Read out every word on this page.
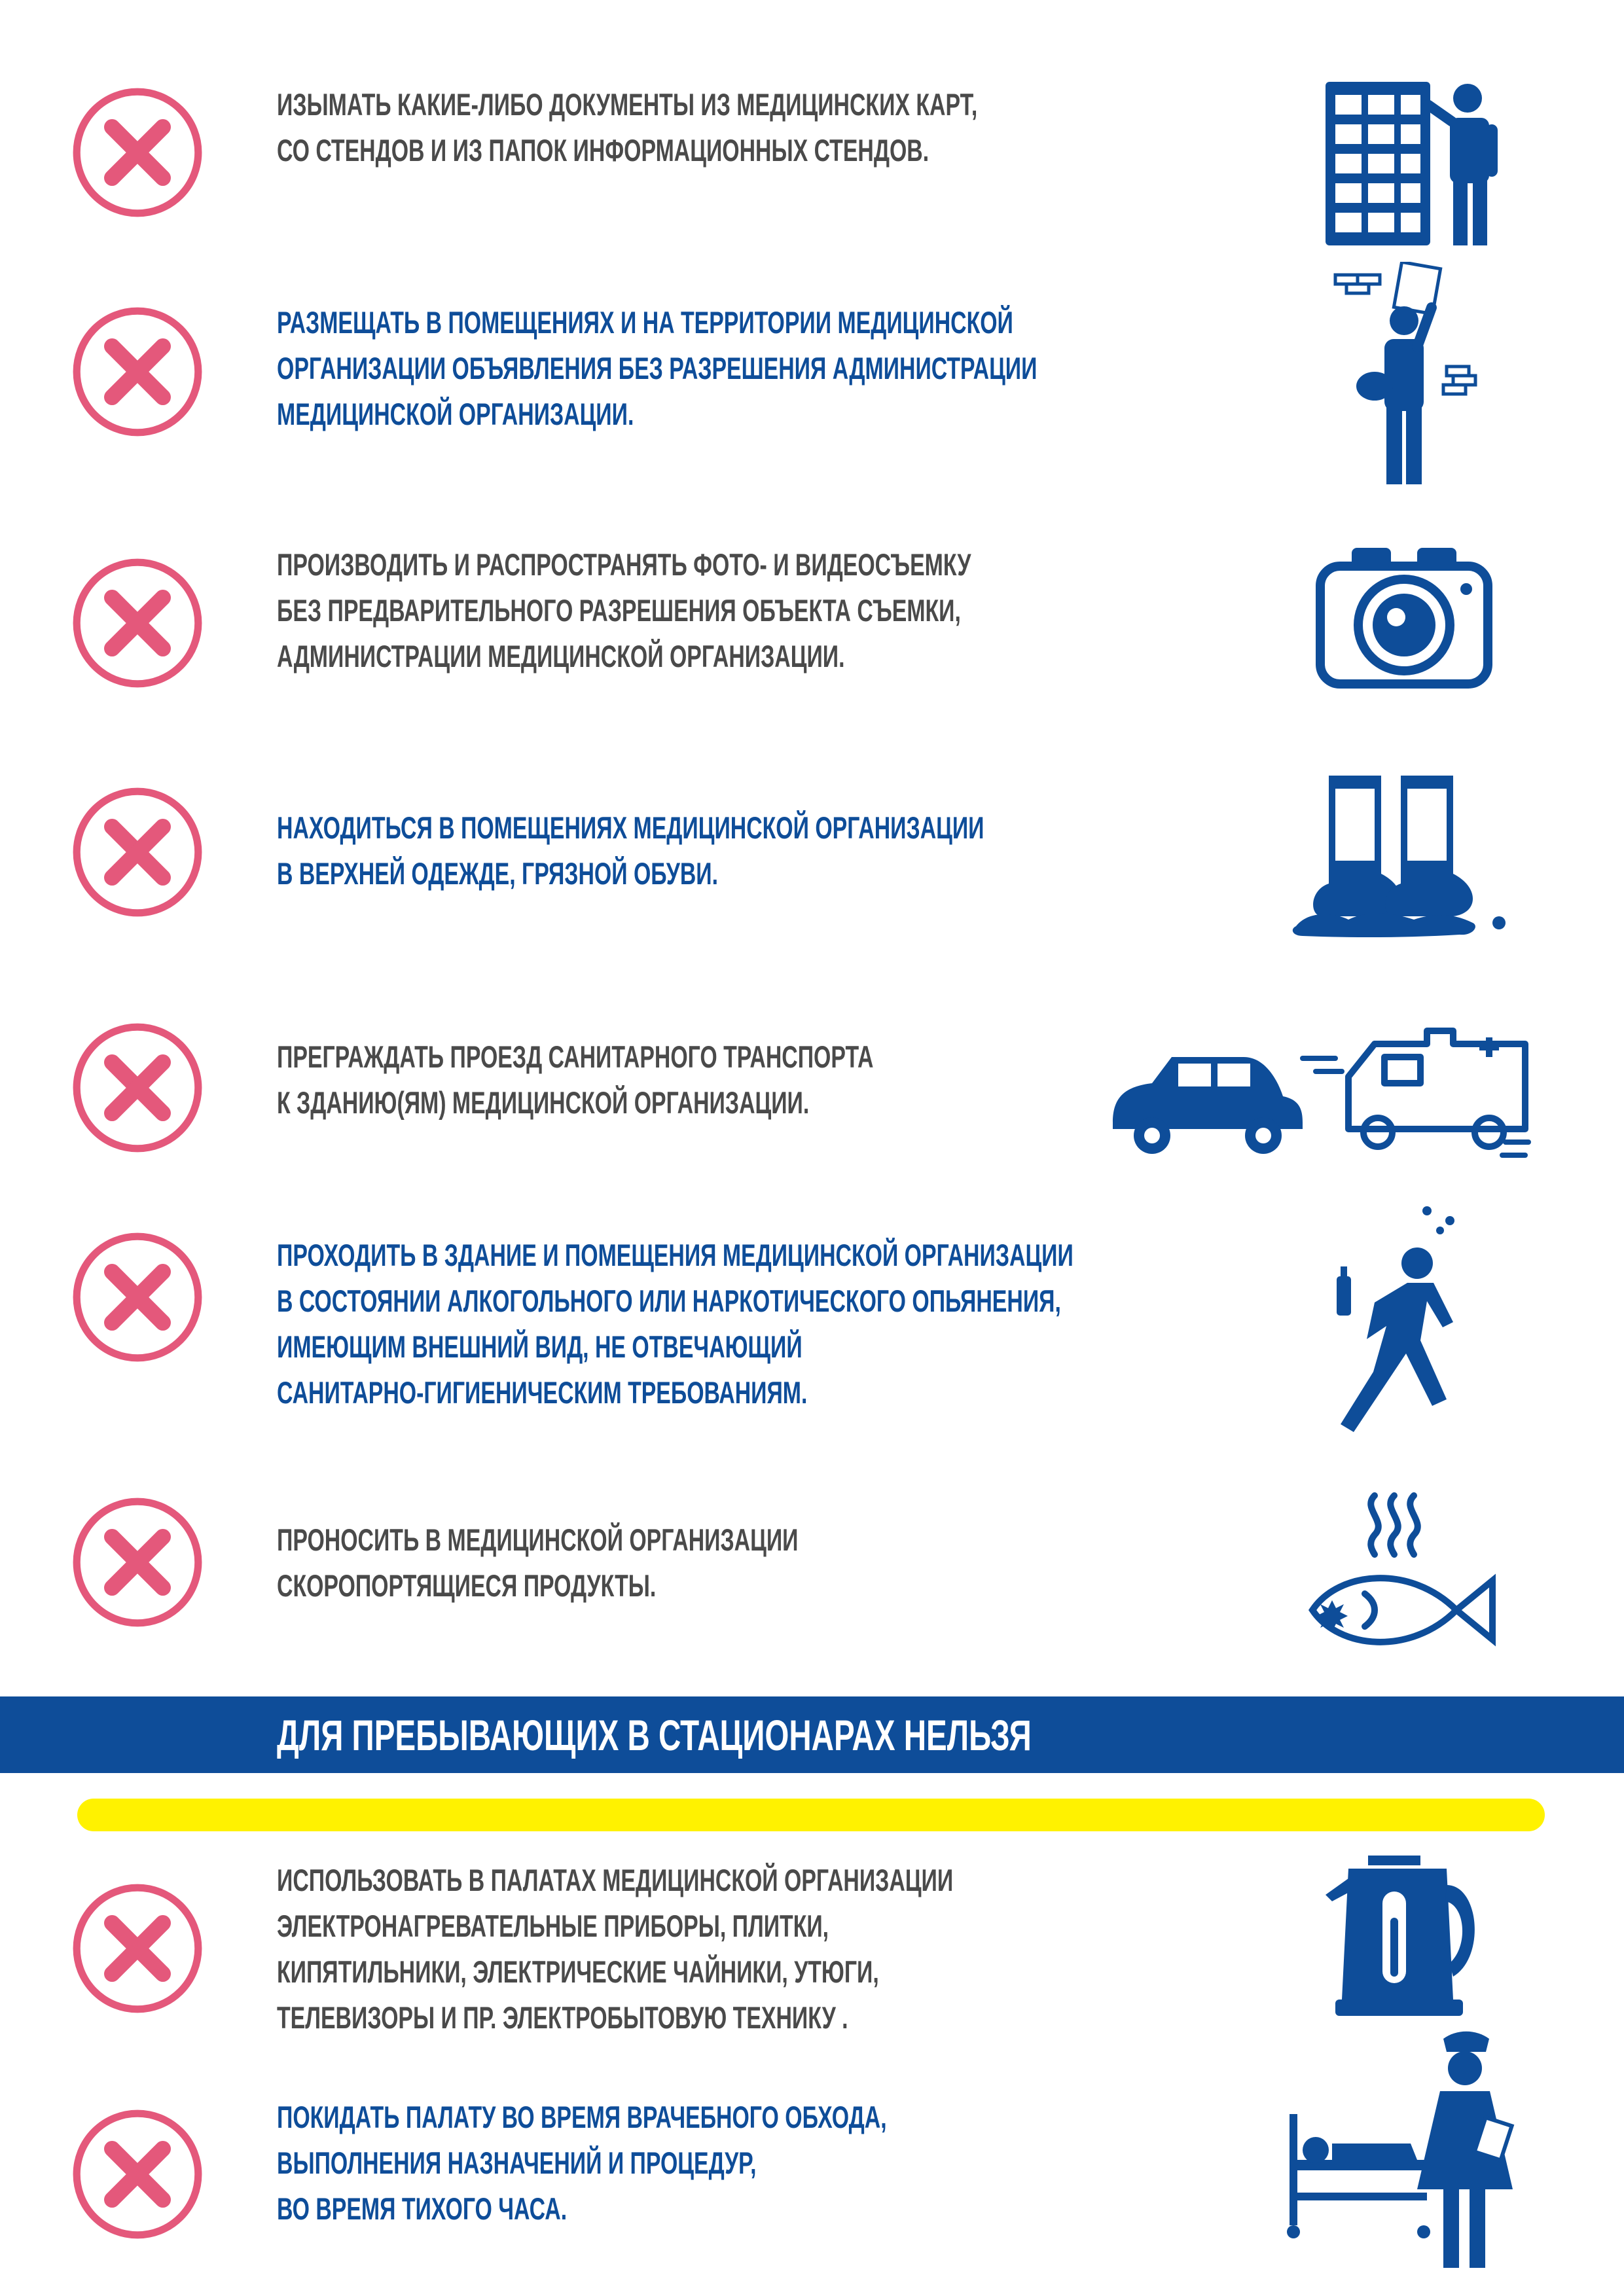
ИЗЫМАТЬ КАКИЕ-ЛИБО ДОКУМЕНТЫ ИЗ МЕДИЦИНСКИХ КАРТ,
СО СТЕНДОВ И ИЗ ПАПОК ИНФОРМАЦИОННЫХ СТЕНДОВ.

РАЗМЕЩАТЬ В ПОМЕЩЕНИЯХ И НА ТЕРРИТОРИИ МЕДИЦИНСКОЙ
ОРГАНИЗАЦИИ ОБЪЯВЛЕНИЯ БЕЗ РАЗРЕШЕНИЯ АДМИНИСТРАЦИИ
МЕДИЦИНСКОЙ ОРГАНИЗАЦИИ.

ПРОИЗВОДИТЬ И РАСПРОСТРАНЯТЬ ФОТО- И ВИДЕОСЪЕМКУ
БЕЗ ПРЕДВАРИТЕЛЬНОГО РАЗРЕШЕНИЯ ОБЪЕКТА СЪЕМКИ,
АДМИНИСТРАЦИИ МЕДИЦИНСКОЙ ОРГАНИЗАЦИИ.

НАХОДИТЬСЯ В ПОМЕЩЕНИЯХ МЕДИЦИНСКОЙ ОРГАНИЗАЦИИ
В ВЕРХНЕЙ ОДЕЖДЕ, ГРЯЗНОЙ ОБУВИ.

ПРЕГРАЖДАТЬ ПРОЕЗД САНИТАРНОГО ТРАНСПОРТА
К ЗДАНИЮ(ЯМ) МЕДИЦИНСКОЙ ОРГАНИЗАЦИИ.

ПРОХОДИТЬ В ЗДАНИЕ И ПОМЕЩЕНИЯ МЕДИЦИНСКОЙ ОРГАНИЗАЦИИ
В СОСТОЯНИИ АЛКОГОЛЬНОГО ИЛИ НАРКОТИЧЕСКОГО ОПЬЯНЕНИЯ,
ИМЕЮЩИМ ВНЕШНИЙ ВИД, НЕ ОТВЕЧАЮЩИЙ
САНИТАРНО-ГИГИЕНИЧЕСКИМ ТРЕБОВАНИЯМ.

ПРОНОСИТЬ В МЕДИЦИНСКОЙ ОРГАНИЗАЦИИ
СКОРОПОРТЯЩИЕСЯ ПРОДУКТЫ.

ДЛЯ ПРЕБЫВАЮЩИХ В СТАЦИОНАРАХ НЕЛЬЗЯ

ИСПОЛЬЗОВАТЬ В ПАЛАТАХ МЕДИЦИНСКОЙ ОРГАНИЗАЦИИ
ЭЛЕКТРОНАГРЕВАТЕЛЬНЫЕ ПРИБОРЫ, ПЛИТКИ,
КИПЯТИЛЬНИКИ, ЭЛЕКТРИЧЕСКИЕ ЧАЙНИКИ, УТЮГИ,
ТЕЛЕВИЗОРЫ И ПР. ЭЛЕКТРОБЫТОВУЮ ТЕХНИКУ .

ПОКИДАТЬ ПАЛАТУ ВО ВРЕМЯ ВРАЧЕБНОГО ОБХОДА,
ВЫПОЛНЕНИЯ НАЗНАЧЕНИЙ И ПРОЦЕДУР,
ВО ВРЕМЯ ТИХОГО ЧАСА.
